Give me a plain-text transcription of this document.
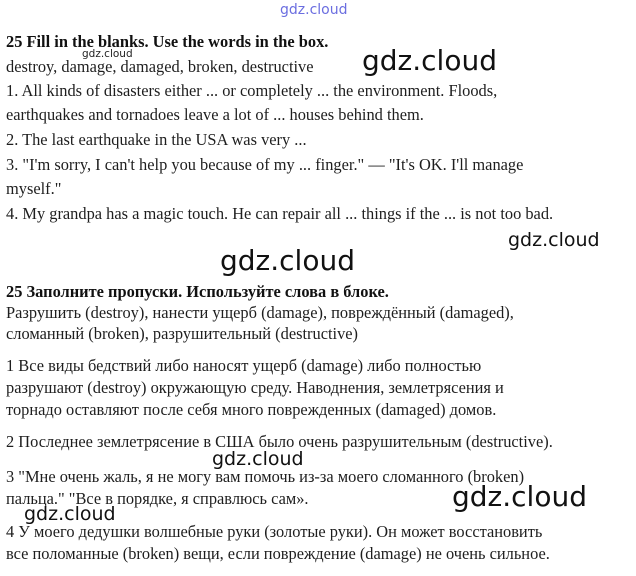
gdz.cloud
25 Fill in the blanks. Use the words in the box.
gdz.cloud
destroy, damage, damaged, broken, destructive gdz.cloud
1. All kinds of disasters either ... or completely ... the environment. Floods,
earthquakes and tornadoes leave a lot of ... houses behind them.
2. The last earthquake in the USA was very ...
3. "I'm sorry, I can't help you because of my ... finger." — "It's OK. I'll manage
myself."
4. My grandpa has a magic touch. He can repair all ... things if the ... is not too bad.
gdz.cloud
gdz.cloud
25 Заполните пропуски. Используйте слова в блоке.
Разрушить (destroy), нанести ущерб (damage), повреждённый (damaged),
сломанный (broken), разрушительный (destructive)
1 Все виды бедствий либо наносят ущерб (damage) либо полностью
разрушают (destroy) окружающую среду. Наводнения, землетрясения и
торнадо оставляют после себя много поврежденных (damaged) домов.
2 Последнее землетрясение в США было очень разрушительным (destructive).
gdz.cloud
3 "Мне очень жаль, я не могу вам помочь из-за моего сломанного (broken)
пальца." "Все в порядке, я справлюсь сам».	gdz.cloud
gdz.cloud
4 У моего дедушки волшебные руки (золотые руки). Он может восстановить
все поломанные (broken) вещи, если повреждение (damage) не очень сильное.
